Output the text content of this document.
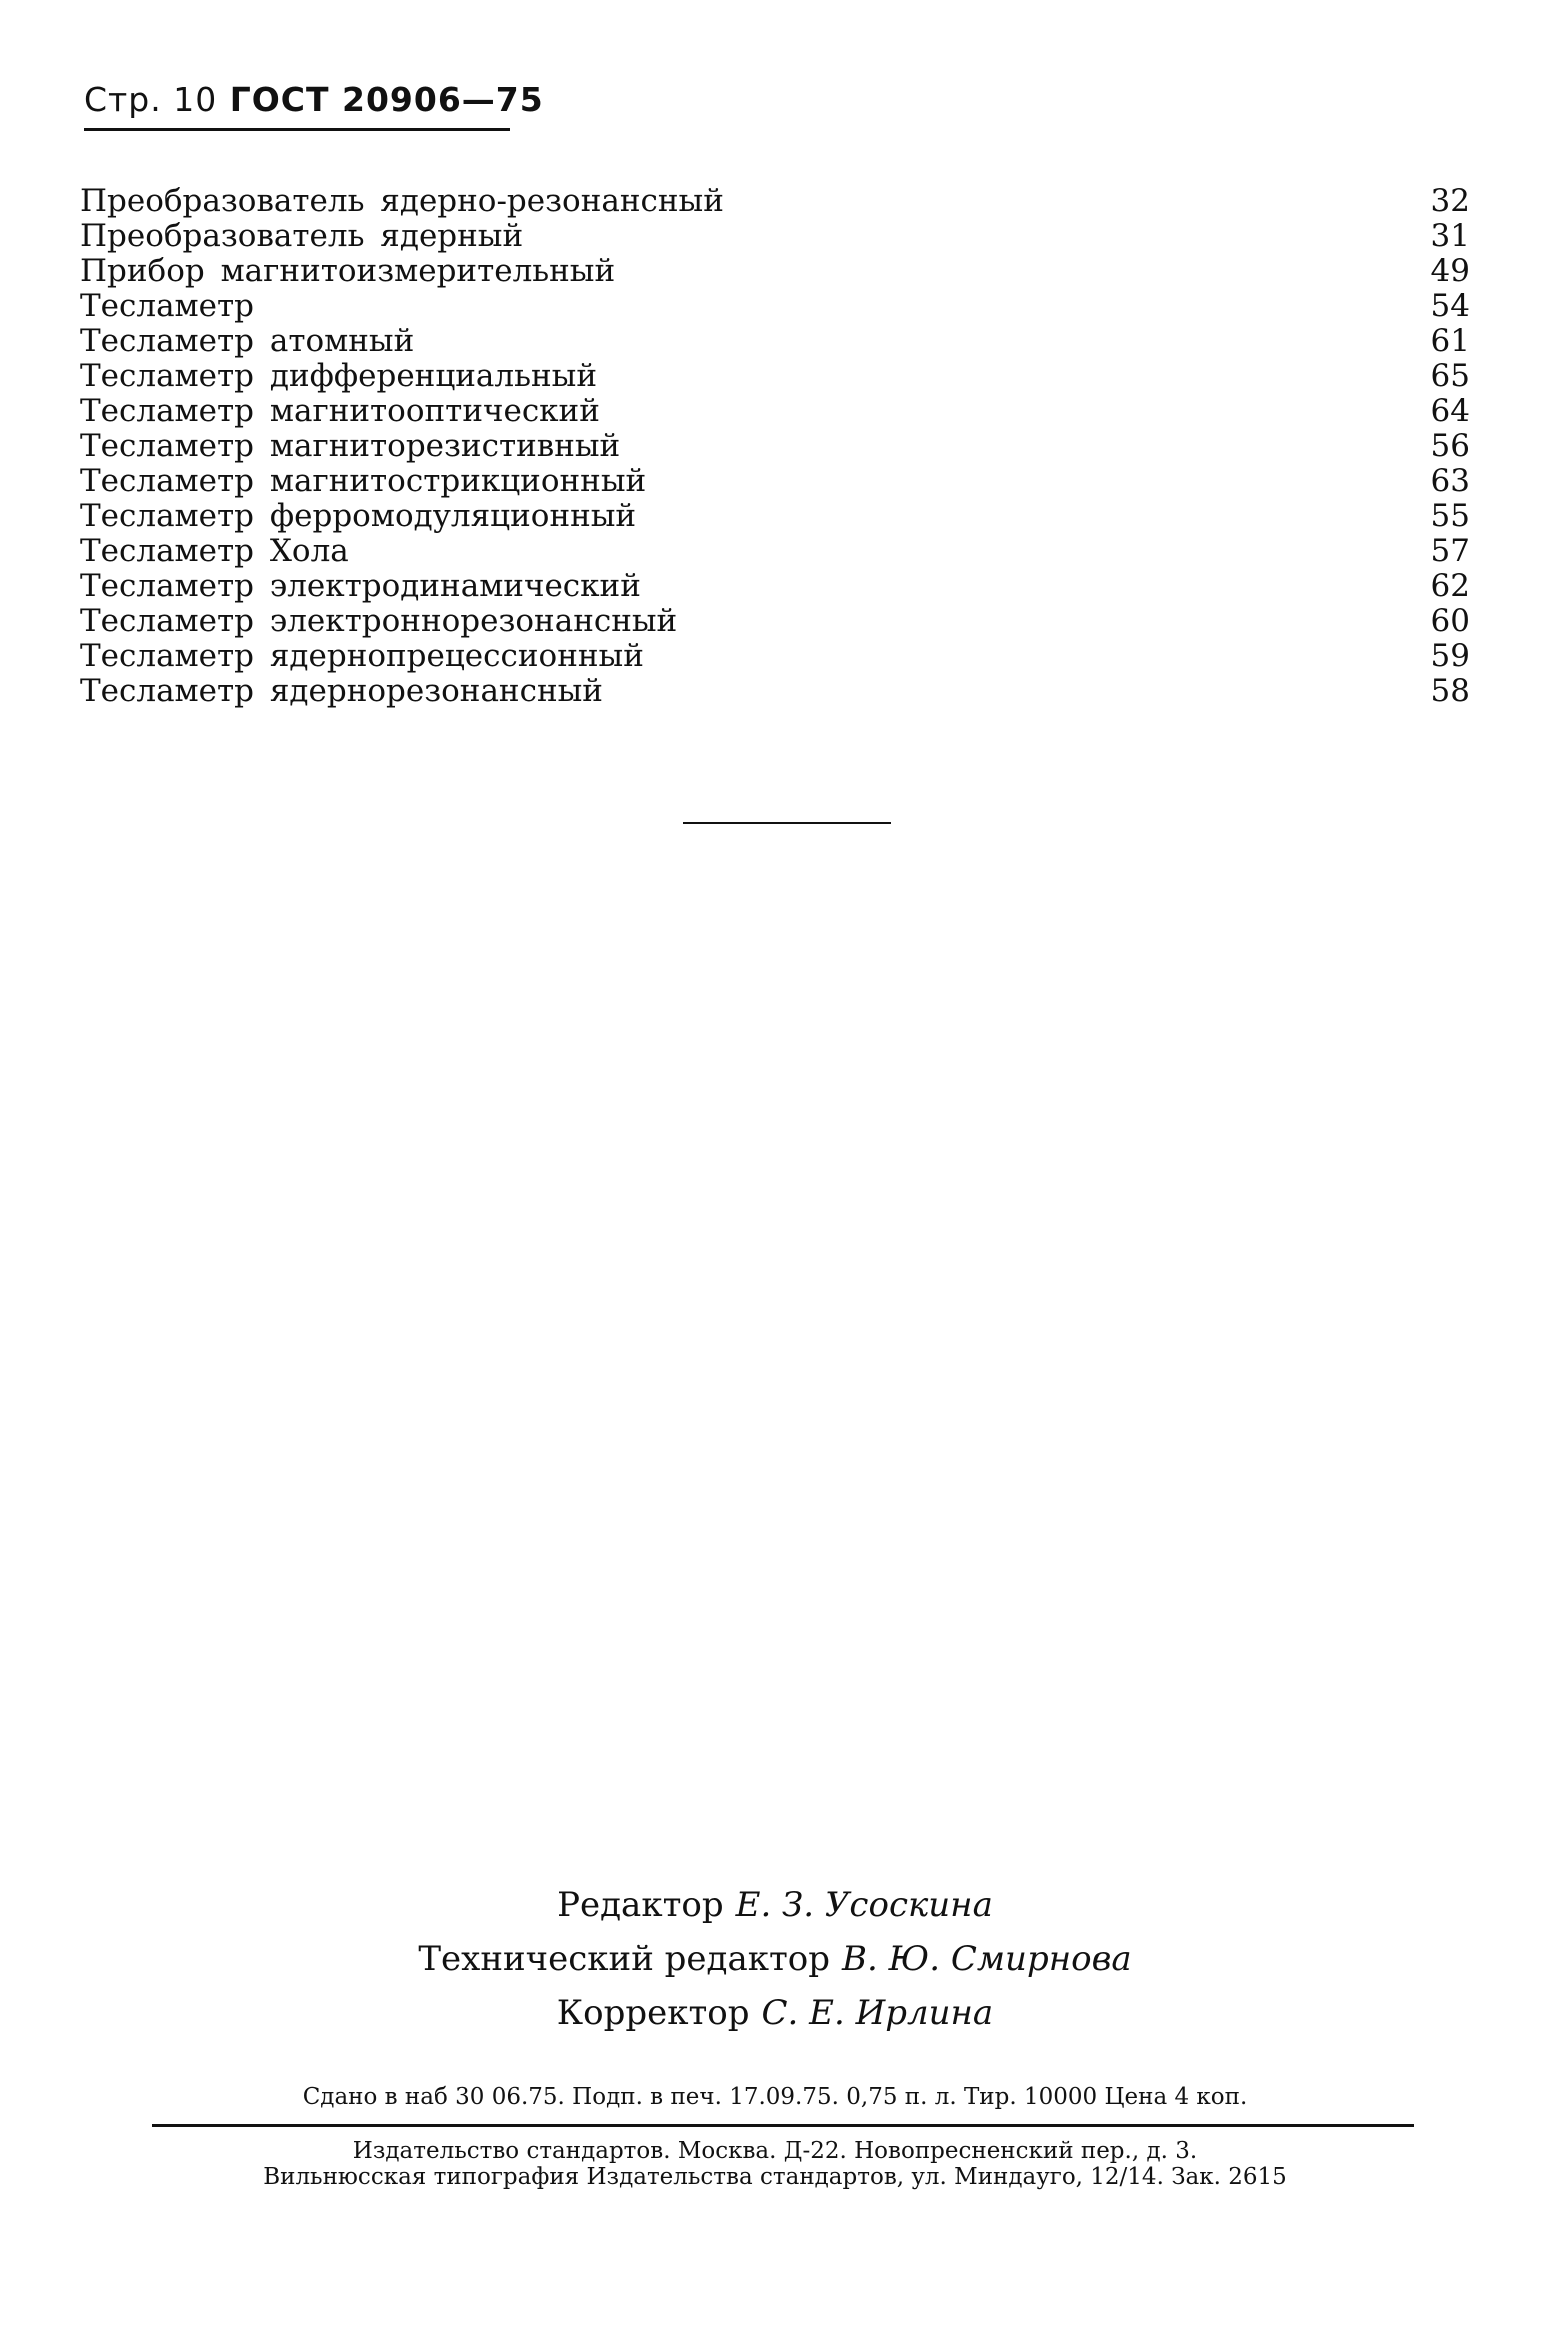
Стр. 10 ГОСТ 20906—75
Преобразователь ядерно-резонансный	32
Преобразователь ядерный	31
Прибор магнитоизмерительный	49
Тесламетр	54
Тесламетр атомный	61
Тесламетр дифференциальный	65
Тесламетр магнитооптический	64
Тесламетр магниторезистивный	56
Тесламетр магнитострикционный	63
Тесламетр ферромодуляционный	55
Тесламетр Хола	57
Тесламетр электродинамический	62
Тесламетр электроннорезонансный	60
Тесламетр ядернопрецессионный	59
Тесламетр ядернорезонансный	58
Редактор Е. З. Усоскина
Технический редактор В. Ю. Смирнова
Корректор С. Е. Ирлина
Сдано в наб 30 06.75. Подп. в печ. 17.09.75. 0,75 п. л. Тир. 10000 Цена 4 коп.
Издательство стандартов. Москва. Д-22. Новопресненский пер., д. 3.
Вильнюсская типография Издательства стандартов, ул. Миндауго, 12/14. Зак. 2615
